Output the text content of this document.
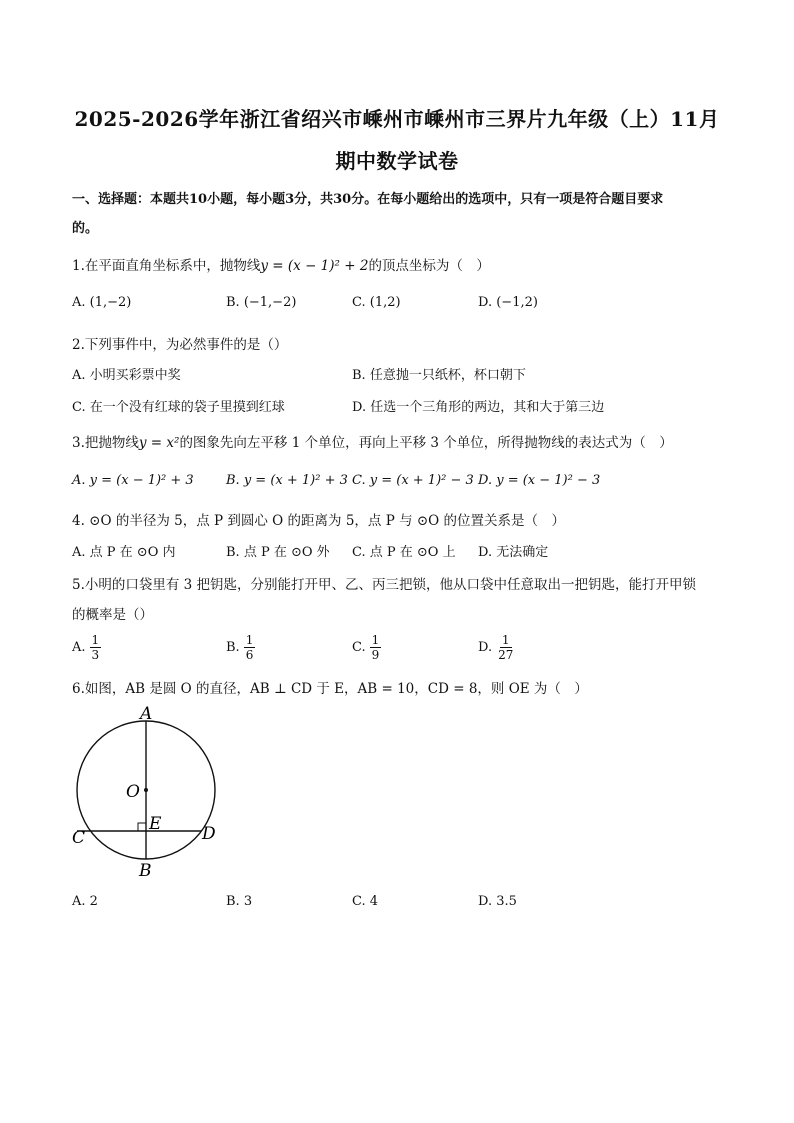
2025-2026学年浙江省绍兴市嵊州市嵊州市三界片九年级（上）11月
期中数学试卷
一、选择题：本题共10小题，每小题3分，共30分。在每小题给出的选项中，只有一项是符合题目要求
的。
1.在平面直角坐标系中，抛物线y = (x − 1)² + 2的顶点坐标为（　）
A. (1,−2)	B. (−1,−2)	C. (1,2)	D. (−1,2)
2.下列事件中，为必然事件的是（）
A. 小明买彩票中奖	B. 任意抛一只纸杯，杯口朝下
C. 在一个没有红球的袋子里摸到红球	D. 任选一个三角形的两边，其和大于第三边
3.把抛物线y = x²的图象先向左平移 1 个单位，再向上平移 3 个单位，所得抛物线的表达式为（　）
A. y = (x − 1)² + 3 B. y = (x + 1)² + 3 C. y = (x + 1)² − 3 D. y = (x − 1)² − 3
4. ⊙O 的半径为 5，点 P 到圆心 O 的距离为 5，点 P 与 ⊙O 的位置关系是（　）
A. 点 P 在 ⊙O 内	B. 点 P 在 ⊙O 外 C. 点 P 在 ⊙O 上 D. 无法确定
5.小明的口袋里有 3 把钥匙，分别能打开甲、乙、丙三把锁，他从口袋中任意取出一把钥匙，能打开甲锁
的概率是（）
A. $\frac{1}{3}$	B. $\frac{1}{6}$	C. $\frac{1}{9}$	D. $\frac{1}{27}$
6.如图，AB 是圆 O 的直径，AB ⊥ CD 于 E，AB = 10，CD = 8，则 OE 为（　）
A
O
E
C	D
B
A. 2	B. 3	C. 4	D. 3.5
